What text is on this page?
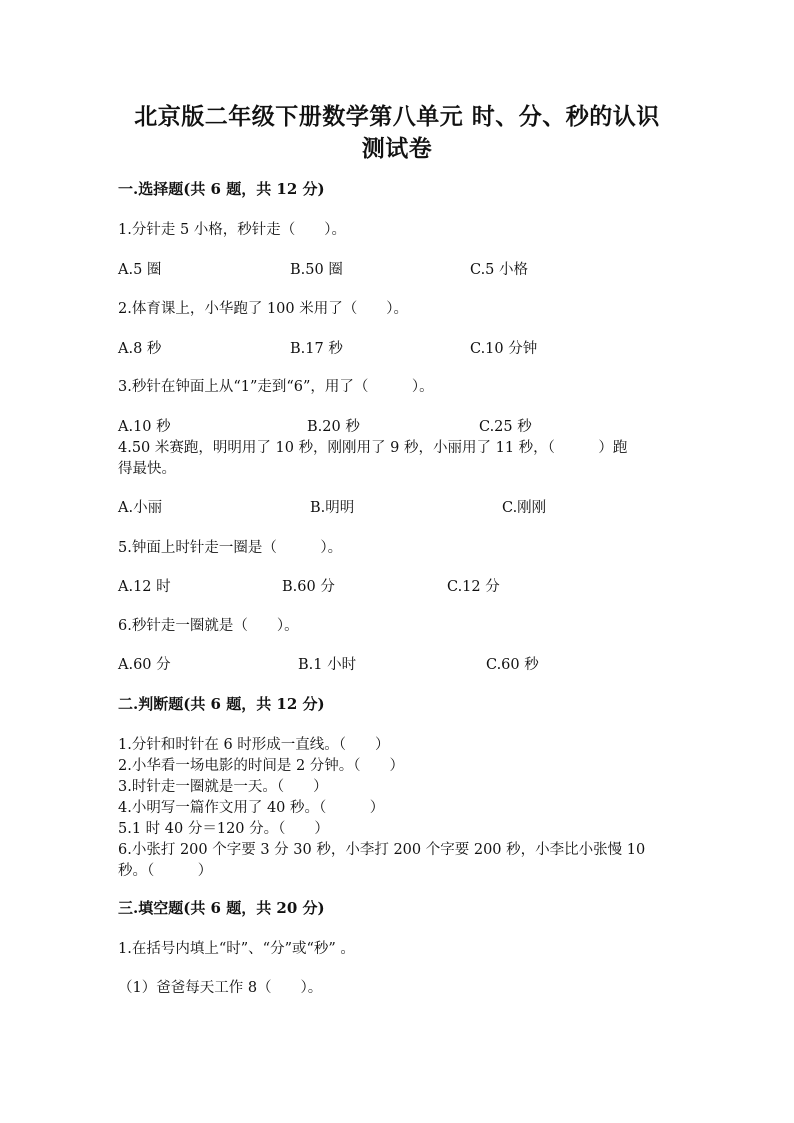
北京版二年级下册数学第八单元 时、分、秒的认识
测试卷
一.选择题(共 6 题，共 12 分)
1.分针走 5 小格，秒针走（　　）。
A.5 圈	B.50 圈	C.5 小格
2.体育课上，小华跑了 100 米用了（　　）。
A.8 秒	B.17 秒	C.10 分钟
3.秒针在钟面上从“1”走到“6”，用了（　　　）。
A.10 秒	B.20 秒	C.25 秒
4.50 米赛跑，明明用了 10 秒，刚刚用了 9 秒，小丽用了 11 秒，（　　　）跑
得最快。
A.小丽	B.明明	C.刚刚
5.钟面上时针走一圈是（　　　）。
A.12 时	B.60 分	C.12 分
6.秒针走一圈就是（　　）。
A.60 分	B.1 小时	C.60 秒
二.判断题(共 6 题，共 12 分)
1.分针和时针在 6 时形成一直线。（　　）
2.小华看一场电影的时间是 2 分钟。（　　）
3.时针走一圈就是一天。（　　）
4.小明写一篇作文用了 40 秒。（　　　）
5.1 时 40 分＝120 分。（　　）
6.小张打 200 个字要 3 分 30 秒，小李打 200 个字要 200 秒，小李比小张慢 10
秒。（　　　）
三.填空题(共 6 题，共 20 分)
1.在括号内填上“时”、“分”或“秒” 。
（1）爸爸每天工作 8（　　）。
